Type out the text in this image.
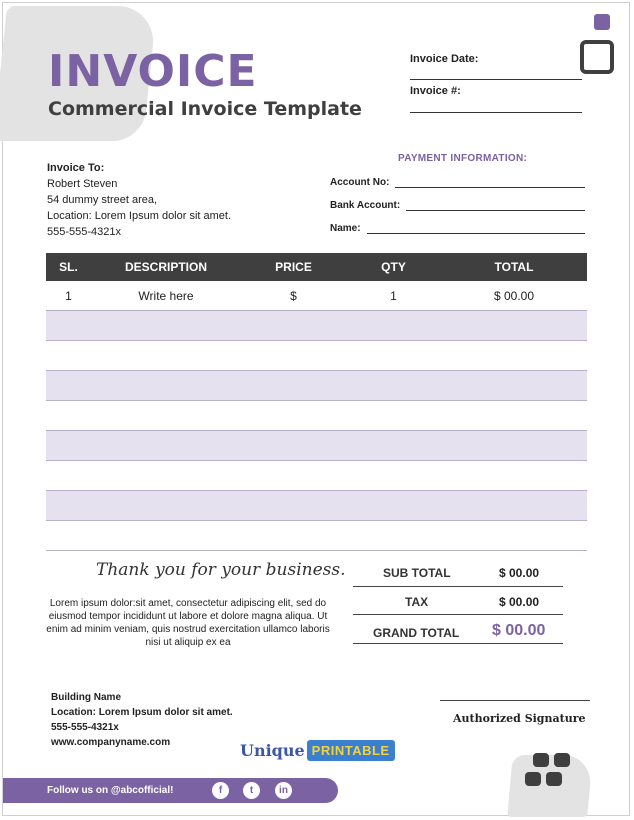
INVOICE
Commercial Invoice Template
Invoice Date:
Invoice #:
Invoice To:
Robert Steven
54 dummy street area,
Location: Lorem Ipsum dolor sit amet.
555-555-4321x
PAYMENT INFORMATION:
Account No:
Bank Account:
Name:
SL.	DESCRIPTION	PRICE	QTY	TOTAL
1	Write here	$	1	$ 00.00
Thank you for your business.
Lorem ipsum dolor:sit amet, consectetur adipiscing elit, sed do eiusmod tempor incididunt ut labore et dolore magna aliqua. Ut enim ad minim veniam, quis nostrud exercitation ullamco laboris nisi ut aliquip ex ea
SUB TOTAL	$ 00.00
TAX	$ 00.00
GRAND TOTAL $ 00.00
Building Name
Location: Lorem Ipsum dolor sit amet.
555-555-4321x
www.companyname.com
Authorized Signature
Unique PRINTABLE
Follow us on @abcofficial!	f	t	in
